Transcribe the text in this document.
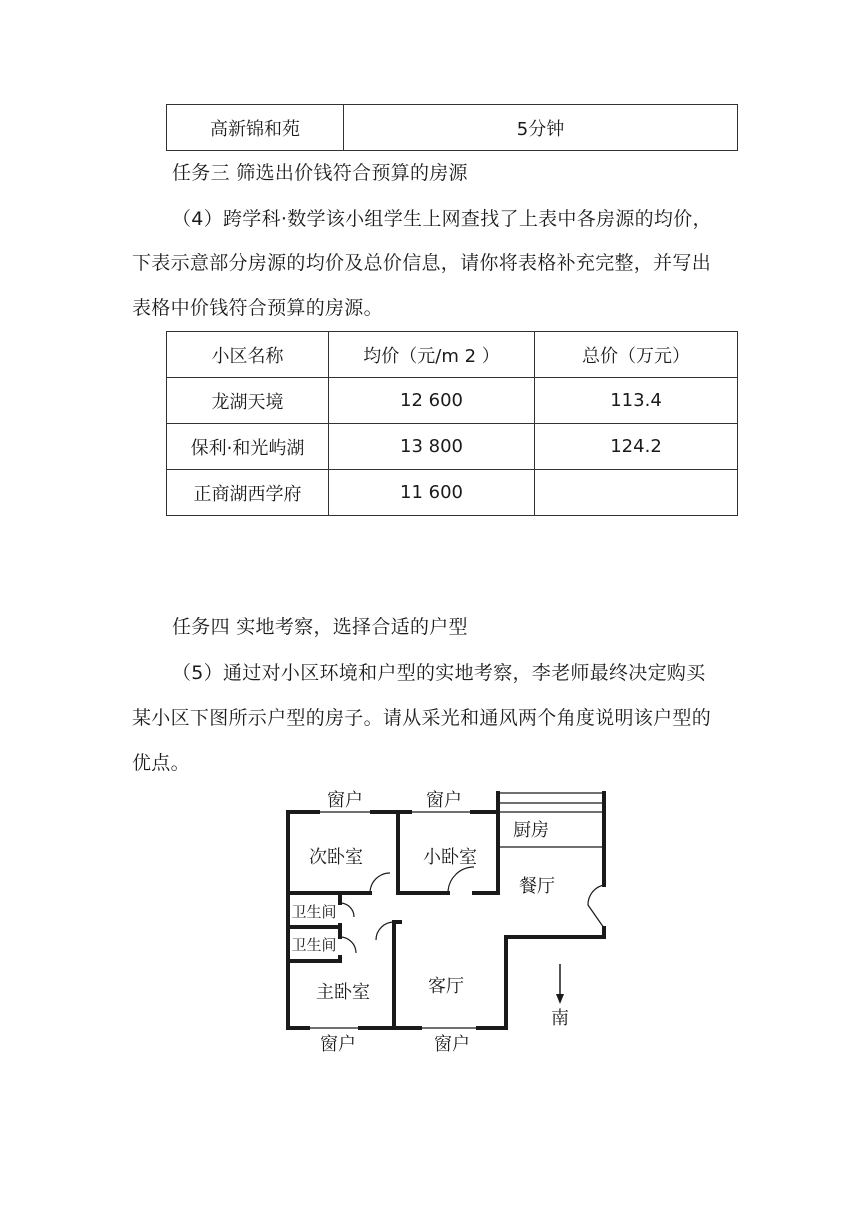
高新锦和苑	5分钟
任务三 筛选出价钱符合预算的房源
（4）跨学科·数学该小组学生上网查找了上表中各房源的均价，
下表示意部分房源的均价及总价信息，请你将表格补充完整，并写出
表格中价钱符合预算的房源。
小区名称	均价（元/m 2 ）	总价（万元）
龙湖天境	12 600	113.4
保利·和光屿湖	13 800	124.2
正商湖西学府	11 600	
任务四 实地考察，选择合适的户型
（5）通过对小区环境和户型的实地考察，李老师最终决定购买
某小区下图所示户型的房子。请从采光和通风两个角度说明该户型的
优点。
窗户	窗户
次卧室	小卧室
厨房
餐厅
卫生间
卫生间
主卧室	客厅
南
窗户	窗户
